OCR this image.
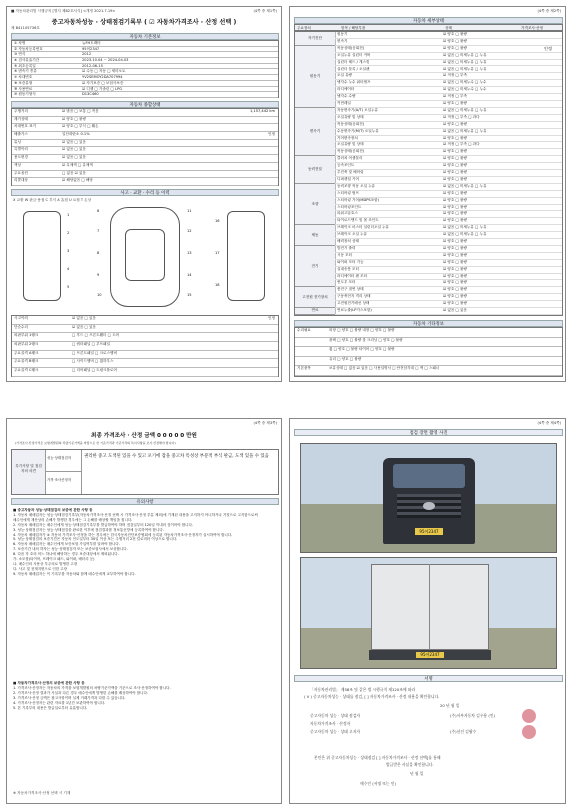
■ 자동차관리법 시행규칙 [별지 제82호서식] <개정 2021.7.19>	(4쪽 중 제1쪽)
중고자동차성능 · 상태점검기록부 ( ☑ 자동차가격조사 · 산정 선택 )
제 B41105736호
자동차 기본정보
① 차명	뉴FH트랙터
② 자동차등록번호	95어2347
③ 연식	2012
④ 검사유효기간	2023.10.04 ~ 2024.04.03
⑤ 최초등록일	2012-06-15
⑥ 변속기 종류	☑ 수동 □ 자동 □ 세미오토
⑦ 차대번호	YV2SEMOY2DA707994
⑧ 보증유형	☑ 자가보증 □ 보험사보증
⑨ 사용연료	☑ 디젤 □ 가솔린 □ LPG
⑩ 원동기형식	D13C460
자동차 종합상태
주행거리	☑ 많음 □ 보통 □ 적음	1,157,442 km
계기상태	☑ 양호 □ 불량
차대번호 표기	☑ 양호 □ 부식 □ 훼손
배출가스	일산화탄소 0.1%	인정
튜닝	☑ 없음 □ 있음
특별이력	☑ 없음 □ 있음
용도변경	☑ 없음 □ 있음
색상	☑ 무채색 □ 유채색
주요옵션	□ 없음 ☑ 있음
리콜대상	☑ 해당없음 □ 해당
사고 · 교환 · 수리 등 이력
X 교환 W 판금·용접 C 부식 A 흠집 U 요철 T 손상
1
2
3
4
5
6
7
8
9
10
11
12
13
14
15
16
17
18
사고이력	☑ 없음 □ 있음	인정
단순수리	☑ 없음 □ 있음
외판부위 1랭크	□ 후드 □ 프론트휀더 □ 도어
외판부위 2랭크	□ 쿼터패널 □ 루프패널
주요골격 A랭크	□ 프론트패널 □ 크로스멤버
주요골격 B랭크	□ 사이드멤버 □ 휠하우스
주요골격 C랭크	□ 리어패널 □ 트렁크플로어
(4쪽 중 제2쪽)
자동차 세부상태
주요장치	항목 / 해당부품	상태	가격조사·산정
자기진단
원동기	☑ 양호 □ 불량
변속기	☑ 양호 □ 불량
원동기
작동상태(공회전)	☑ 양호 □ 불량
오일누유 실린더 커버	☑ 없음 □ 미세누유 □ 누유
실린더 헤드 / 개스킷	☑ 없음 □ 미세누유 □ 누유
실린더 블록 / 오일팬	☑ 없음 □ 미세누유 □ 누유
오일 유량	☑ 적정 □ 부족
냉각수 누수 워터펌프	☑ 없음 □ 미세누수 □ 누수
라디에이터	☑ 없음 □ 미세누수 □ 누수
냉각수 수량	☑ 적정 □ 부족
커먼레일	☑ 양호 □ 불량
변속기
자동변속기(A/T) 오일누유	☑ 없음 □ 미세누유 □ 누유
오일유량 및 상태	☑ 적정 □ 부족 □ 과다
작동상태(공회전)	☑ 양호 □ 불량
수동변속기(M/T) 오일누유	☑ 없음 □ 미세누유 □ 누유
기어변속장치	☑ 양호 □ 불량
오일유량 및 상태	☑ 적정 □ 부족 □ 과다
작동상태(공회전)	☑ 양호 □ 불량
동력전달
클러치 어셈블리	☑ 양호 □ 불량
등속조인트	☑ 양호 □ 불량
추진축 및 베어링	☑ 양호 □ 불량
디퍼렌셜 기어	☑ 양호 □ 불량
조향
동력조향 작동 오일 누유	☑ 없음 □ 미세누유 □ 누유
스티어링 펌프	☑ 양호 □ 불량
스티어링 기어(MDPS포함)	☑ 양호 □ 불량
스티어링조인트	☑ 양호 □ 불량
파워고압호스	☑ 양호 □ 불량
타이로드엔드 및 볼 조인트	☑ 양호 □ 불량
제동
브레이크 마스터 실린더오일 누유	☑ 없음 □ 미세누유 □ 누유
브레이크 오일 누유	☑ 없음 □ 미세누유 □ 누유
배력장치 상태	☑ 양호 □ 불량
전기
발전기 출력	☑ 양호 □ 불량
시동 모터	☑ 양호 □ 불량
와이퍼 모터 기능	☑ 양호 □ 불량
실내송풍 모터	☑ 양호 □ 불량
라디에이터 팬 모터	☑ 양호 □ 불량
윈도우 모터	☑ 양호 □ 불량
고전원 전기장치
충전구 절연 상태	☑ 양호 □ 불량
구동축전지 격리 상태	☑ 양호 □ 불량
고전원전기배선 상태	☑ 양호 □ 불량
연료	연료누출(LP가스포함)	☑ 없음 □ 있음
인정
자동차 기타정보
수리필요	외장 □ 양호 □ 불량 내장 □ 양호 □ 불량
광택 □ 양호 □ 불량 룸 크리닝 □ 양호 □ 불량
휠 □ 양호 □ 불량 타이어 □ 양호 □ 불량
유리 □ 양호 □ 불량
기본품목	보유상태 □ 없음 ☑ 있음 □ 사용설명서 □ 안전삼각대 □ 잭 □ 스패너
(4쪽 중 제3쪽)
최종 가격조사 · 산정 금액 0 0 0 0 0 만원
(가격조사·산정가격은 보험개발원의 차량기준가액을 바탕으로 한 기준가격과 기준가격의 특이사항을 조사·산정해야 합니다)
특기사항 및 점검자의 의견
성능·상태점검자
가격·조사산정자
권리한 중고 도색된 있을 수 있고 포기에 잠을 중고차 특성상 부분적 부식 판금, 도색 있을 수 있음
유의사항
■ 중고자동차 성능·상태점검의 보증에 관한 사항 등
1. 자동차 매매업자는 성능·상태점검기록부(자동차가격조사·산정 선택 시 가격조사·산정 부분 제외)에 기재된 내용을 고지하지 아니하거나 거짓으로 고지함으로써
매수인에게 재산상의 손해가 발생한 경우에는 그 손해를 배상할 책임을 집니다.
2. 자동차 매매업자는 매수인에게 성능·상태점검기록부를 발급하여야 하며 점검일부터 120일 이내의 것이어야 합니다.
3. 성능·상태점검자는 성능·상태점검을 완료한 이후에 점검결과를 정보통신망에 등록하여야 합니다.
4. 자동차 매매업자가 ② 자동차 가격조사·산정을 하는 경우에는 한국자동차진단보증협회에 등록된 자동차가격조사·산정자가 실시하여야 합니다.
5. 성능·상태점검의 보증기간은 자동차 인도일부터 30일 이상 또는 주행거리 2천 킬로미터 이상으로 합니다.
6. 자동차 매매업자는 매수인에게 보증보험 가입여부를 알려야 합니다.
7. 보증기간 내의 하자는 성능·상태점검자 또는 보증보험사에서 보상합니다.
8. 다음 각 호의 어느 하나에 해당하는 경우 보증대상에서 제외됩니다.
가. 소모품(타이어, 브레이크 패드, 와이퍼, 배터리 등)
나. 매수인의 사용상 부주의로 발생한 고장
다. 사고 및 천재지변으로 인한 고장
9. 자동차 매매업자는 이 기록부를 자동차와 함께 매수인에게 교부하여야 합니다.
■ 자동차가격조사·산정의 보증에 관한 사항 등
1. 가격조사·산정자는 자동차의 가격을 보험개발원의 차량기준가액을 기준으로 조사·산정하여야 합니다.
2. 가격조사·산정 결과가 사실과 다른 경우 매수인에게 발생한 손해를 배상하여야 합니다.
3. 가격조사·산정 금액은 참고사항이며 실제 거래가격과 다를 수 있습니다.
4. 가격조사·산정자는 관련 자료를 1년간 보관하여야 합니다.
5. 본 기록부의 내용은 발급일로부터 유효합니다.
※ 자동차가격조사·산정 선택 시 기재
(4쪽 중 제4쪽)
점검 장면 촬영 사진
95어2347
95어2347
서명
「자동차관리법」 제58조 및 같은 법 시행규칙 제120조에 따라
( V ) 중고자동차성능 · 상태를 점검, [ ] 자동차가격조사 · 산정 내용을 확인합니다.
20 년 월 일
본인은 위 중고자동차성능 · 상태점검 [ ] 자동차가격조사 · 산정 선택]를 통해
발급받은 사실을 확인합니다.
년 월 일
매수인 (서명 또는 인)
중고자동차 성능 · 상태 점검자	(주)서부자동차 김우용 (인)
자동차가격조사 · 산정자
중고자동차 성능 · 상태 고지자	(주)선진 김왕수
